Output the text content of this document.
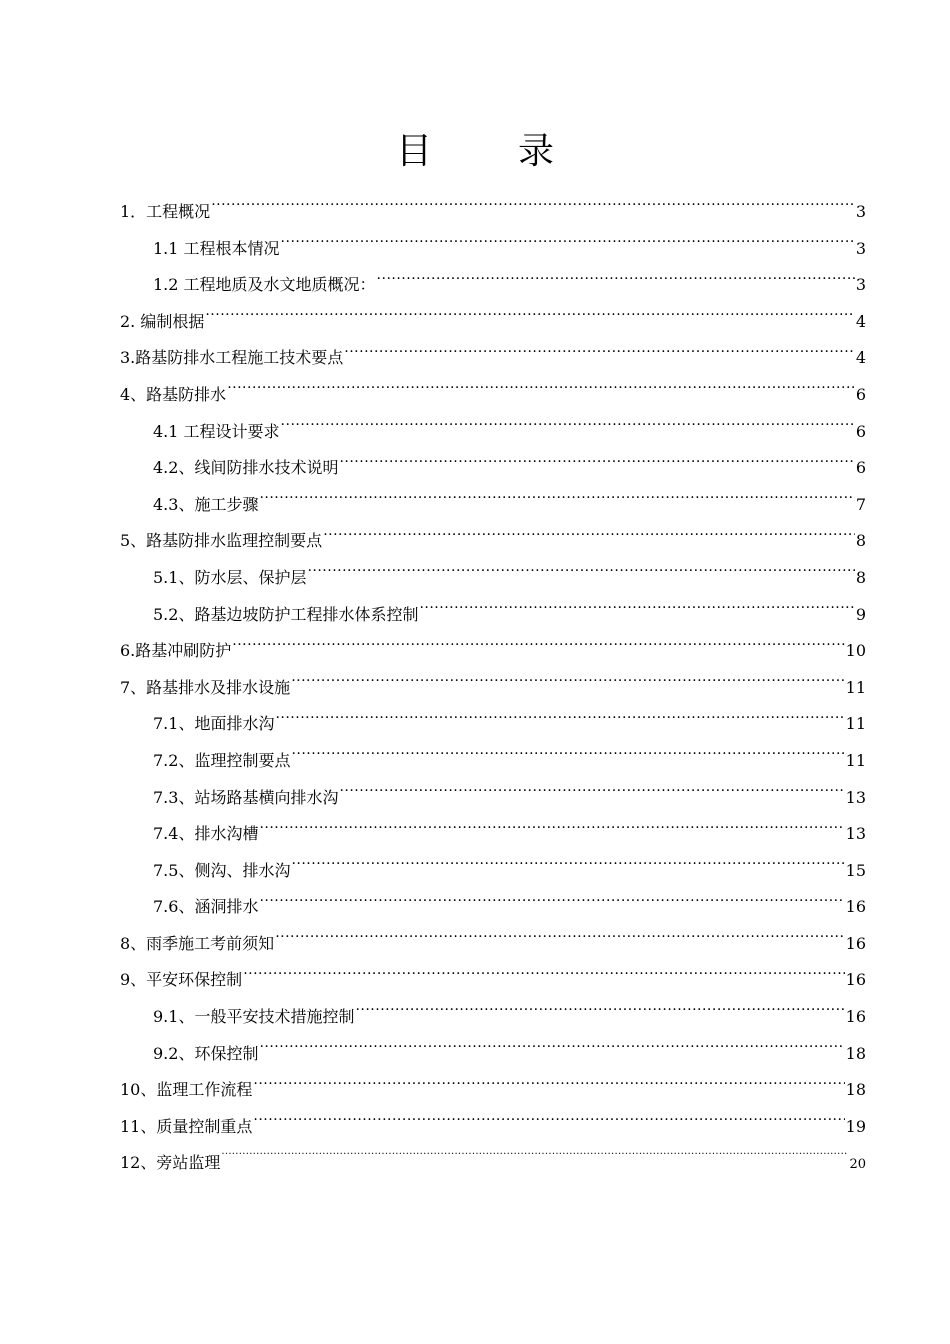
目 录
1．工程概况 .....	3
1.1 工程根本情况 .....	3
1.2 工程地质及水文地质概况： .....	3
2. 编制根据 .....	4
3.路基防排水工程施工技术要点 .....	4
4、路基防排水 .....	6
4.1 工程设计要求 .....	6
4.2、线间防排水技术说明 .....	6
4.3、施工步骤 .....	7
5、路基防排水监理控制要点 .....	8
5.1、防水层、保护层 .....	8
5.2、路基边坡防护工程排水体系控制 .....	9
6.路基冲刷防护 .....	10
7、路基排水及排水设施 .....	11
7.1、地面排水沟 .....	11
7.2、监理控制要点 .....	11
7.3、站场路基横向排水沟 .....	13
7.4、排水沟槽 .....	13
7.5、侧沟、排水沟 .....	15
7.6、涵洞排水 .....	16
8、雨季施工考前须知 .....	16
9、平安环保控制 .....	16
9.1、一般平安技术措施控制 .....	16
9.2、环保控制 .....	18
10、监理工作流程 .....	18
11、质量控制重点 .....	19
12、旁站监理 .....	20
